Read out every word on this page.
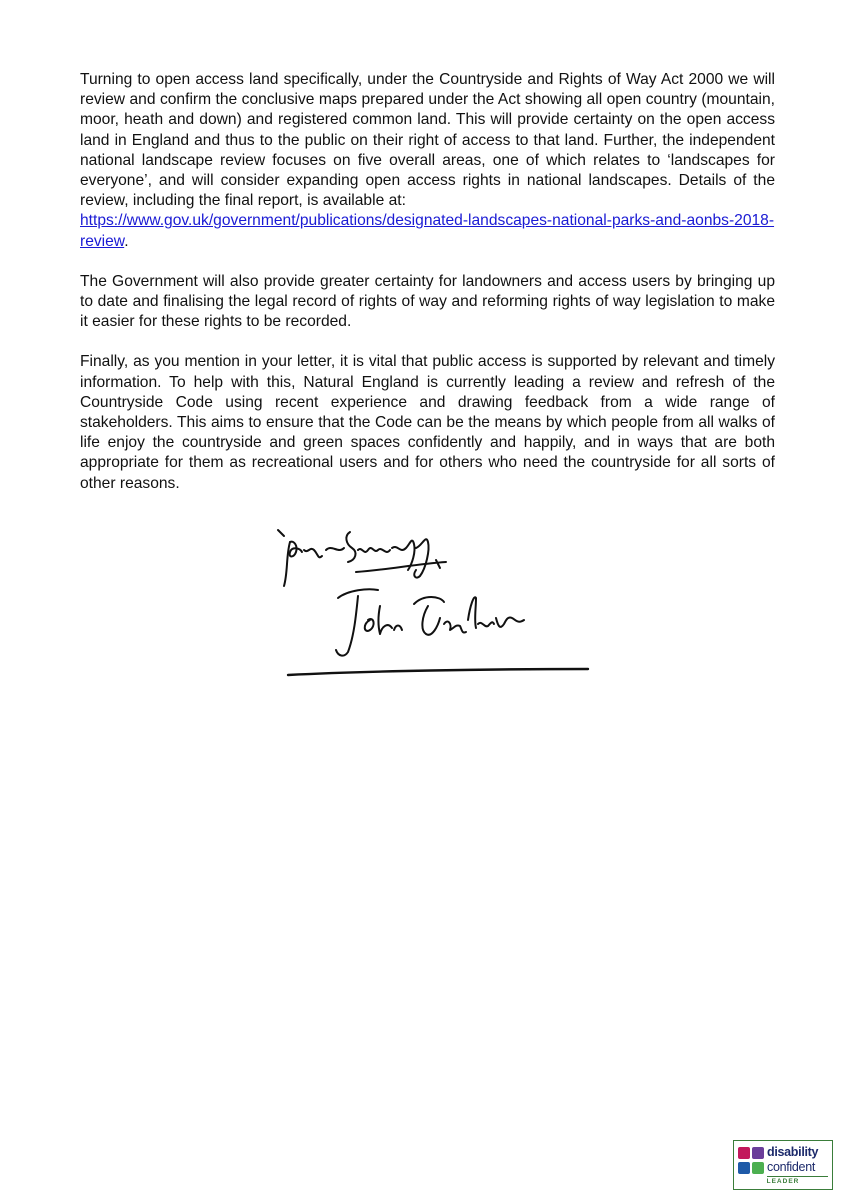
Turning to open access land specifically, under the Countryside and Rights of Way Act 2000 we will review and confirm the conclusive maps prepared under the Act showing all open country (mountain, moor, heath and down) and registered common land. This will provide certainty on the open access land in England and thus to the public on their right of access to that land. Further, the independent national landscape review focuses on five overall areas, one of which relates to ‘landscapes for everyone’, and will consider expanding open access rights in national landscapes. Details of the review, including the final report, is available at:
https://www.gov.uk/government/publications/designated-landscapes-national-parks-and-aonbs-2018-review.

The Government will also provide greater certainty for landowners and access users by bringing up to date and finalising the legal record of rights of way and reforming rights of way legislation to make it easier for these rights to be recorded.

Finally, as you mention in your letter, it is vital that public access is supported by relevant and timely information. To help with this, Natural England is currently leading a review and refresh of the Countryside Code using recent experience and drawing feedback from a wide range of stakeholders. This aims to ensure that the Code can be the means by which people from all walks of life enjoy the countryside and green spaces confidently and happily, and in ways that are both appropriate for them as recreational users and for others who need the countryside for all sorts of other reasons.

disability
confident
LEADER
